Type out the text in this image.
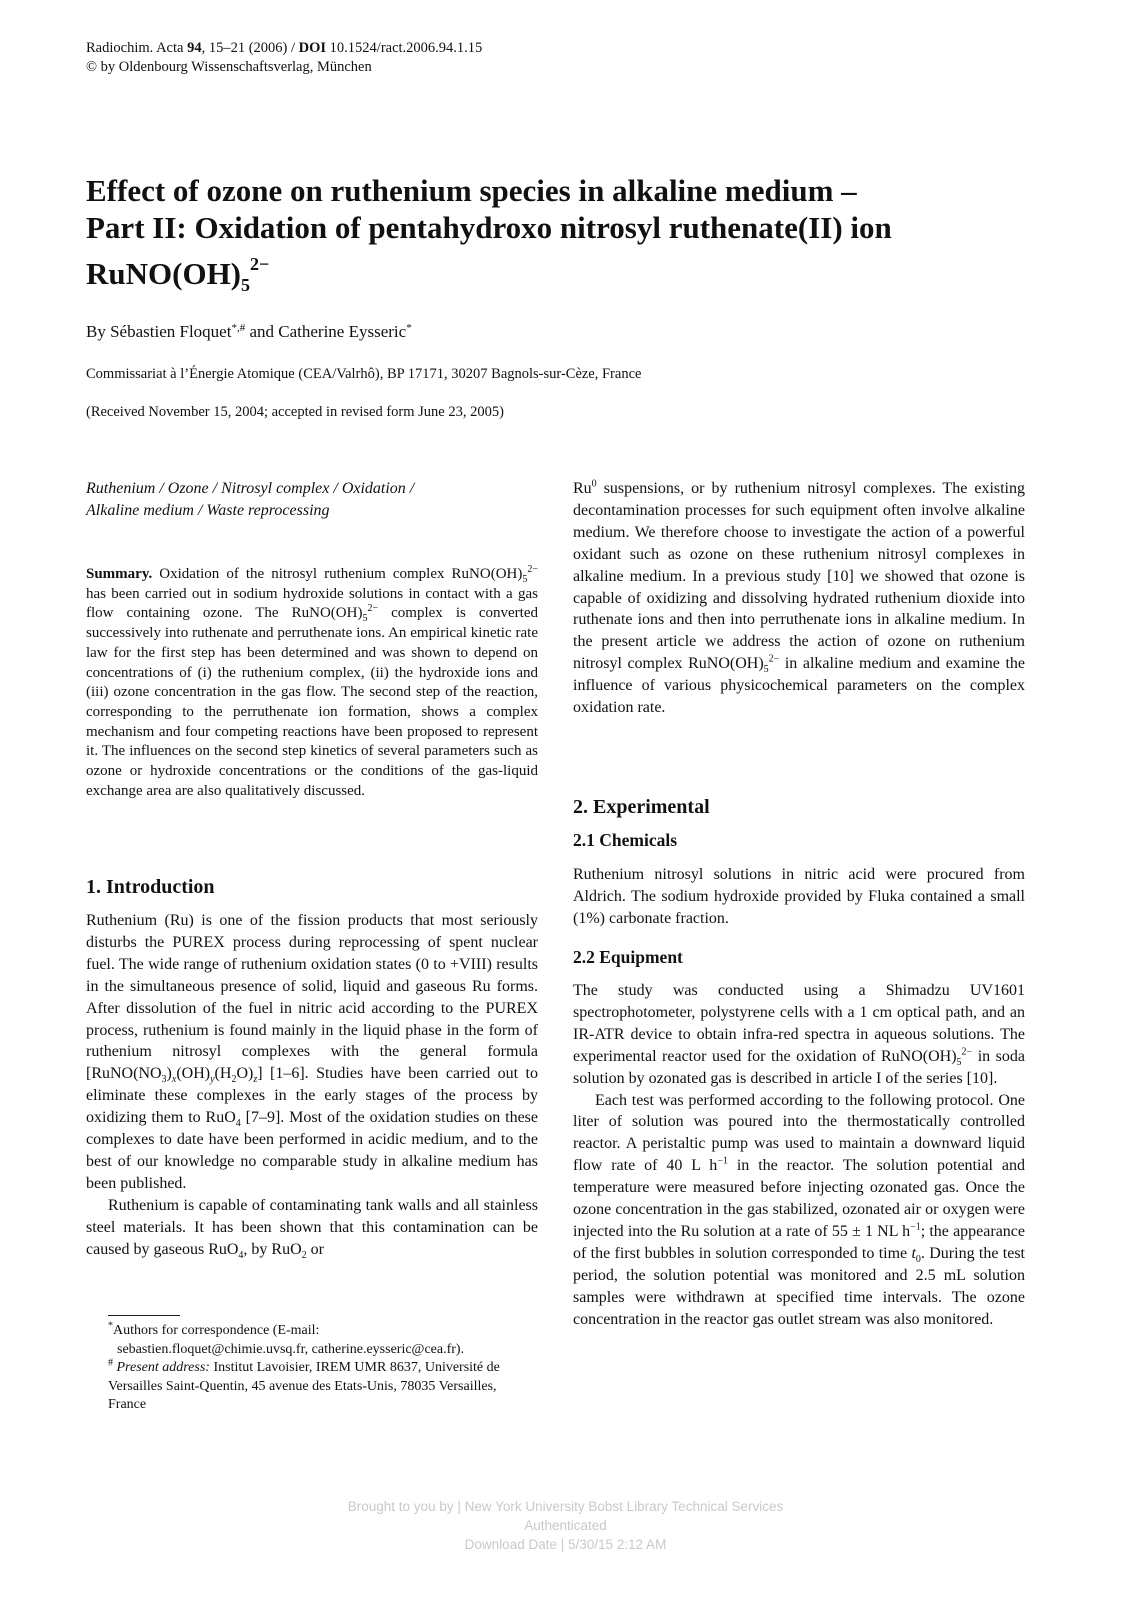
Radiochim. Acta 94, 15–21 (2006) / DOI 10.1524/ract.2006.94.1.15
© by Oldenbourg Wissenschaftsverlag, München
Effect of ozone on ruthenium species in alkaline medium –
Part II: Oxidation of pentahydroxo nitrosyl ruthenate(II) ion
$RuNO(OH)_5^{2-}$
By Sébastien Floquet*,# and Catherine Eysseric*
Commissariat à l’Énergie Atomique (CEA/Valrhô), BP 17171, 30207 Bagnols-sur-Cèze, France
(Received November 15, 2004; accepted in revised form June 23, 2005)
Ruthenium / Ozone / Nitrosyl complex / Oxidation /
Alkaline medium / Waste reprocessing
Summary. Oxidation of the nitrosyl ruthenium complex $RuNO(OH)_5^{2-}$ has been carried out in sodium hydroxide solutions in contact with a gas flow containing ozone. The $RuNO(OH)_5^{2-}$ complex is converted successively into ruthenate and perruthenate ions. An empirical kinetic rate law for the first step has been determined and was shown to depend on concentrations of (i) the ruthenium complex, (ii) the hydroxide ions and (iii) ozone concentration in the gas flow. The second step of the reaction, corresponding to the perruthenate ion formation, shows a complex mechanism and four competing reactions have been proposed to represent it. The influences on the second step kinetics of several parameters such as ozone or hydroxide concentrations or the conditions of the gas-liquid exchange area are also qualitatively discussed.
1. Introduction

Ruthenium (Ru) is one of the fission products that most seriously disturbs the PUREX process during reprocessing of spent nuclear fuel. The wide range of ruthenium oxidation states (0 to +VIII) results in the simultaneous presence of solid, liquid and gaseous Ru forms. After dissolution of the fuel in nitric acid according to the PUREX process, ruthenium is found mainly in the liquid phase in the form of ruthenium nitrosyl complexes with the general formula $[RuNO(NO_3)_x(OH)_y(H_2O)_z]$ [1–6]. Studies have been carried out to eliminate these complexes in the early stages of the process by oxidizing them to RuO$_4$ [7–9]. Most of the oxidation studies on these complexes to date have been performed in acidic medium, and to the best of our knowledge no comparable study in alkaline medium has been published.

Ruthenium is capable of contaminating tank walls and all stainless steel materials. It has been shown that this contamination can be caused by gaseous RuO$_4$, by RuO$_2$ or

*Authors for correspondence (E-mail:
sebastien.floquet@chimie.uvsq.fr, catherine.eysseric@cea.fr).
# Present address: Institut Lavoisier, IREM UMR 8637, Université de Versailles Saint-Quentin, 45 avenue des Etats-Unis, 78035 Versailles, France

Ru$^0$ suspensions, or by ruthenium nitrosyl complexes. The existing decontamination processes for such equipment often involve alkaline medium. We therefore choose to investigate the action of a powerful oxidant such as ozone on these ruthenium nitrosyl complexes in alkaline medium. In a previous study [10] we showed that ozone is capable of oxidizing and dissolving hydrated ruthenium dioxide into ruthenate ions and then into perruthenate ions in alkaline medium. In the present article we address the action of ozone on ruthenium nitrosyl complex $RuNO(OH)_5^{2-}$ in alkaline medium and examine the influence of various physicochemical parameters on the complex oxidation rate.

2. Experimental
2.1 Chemicals

Ruthenium nitrosyl solutions in nitric acid were procured from Aldrich. The sodium hydroxide provided by Fluka contained a small (1%) carbonate fraction.

2.2 Equipment

The study was conducted using a Shimadzu UV1601 spectrophotometer, polystyrene cells with a 1 cm optical path, and an IR-ATR device to obtain infra-red spectra in aqueous solutions. The experimental reactor used for the oxidation of $RuNO(OH)_5^{2-}$ in soda solution by ozonated gas is described in article I of the series [10].

Each test was performed according to the following protocol. One liter of solution was poured into the thermostatically controlled reactor. A peristaltic pump was used to maintain a downward liquid flow rate of 40 L $h^{-1}$ in the reactor. The solution potential and temperature were measured before injecting ozonated gas. Once the ozone concentration in the gas stabilized, ozonated air or oxygen were injected into the Ru solution at a rate of 55 ± 1 NL $h^{-1}$; the appearance of the first bubbles in solution corresponded to time $t_0$. During the test period, the solution potential was monitored and 2.5 mL solution samples were withdrawn at specified time intervals. The ozone concentration in the reactor gas outlet stream was also monitored.

Brought to you by | New York University Bobst Library Technical Services
Authenticated
Download Date | 5/30/15 2:12 AM
